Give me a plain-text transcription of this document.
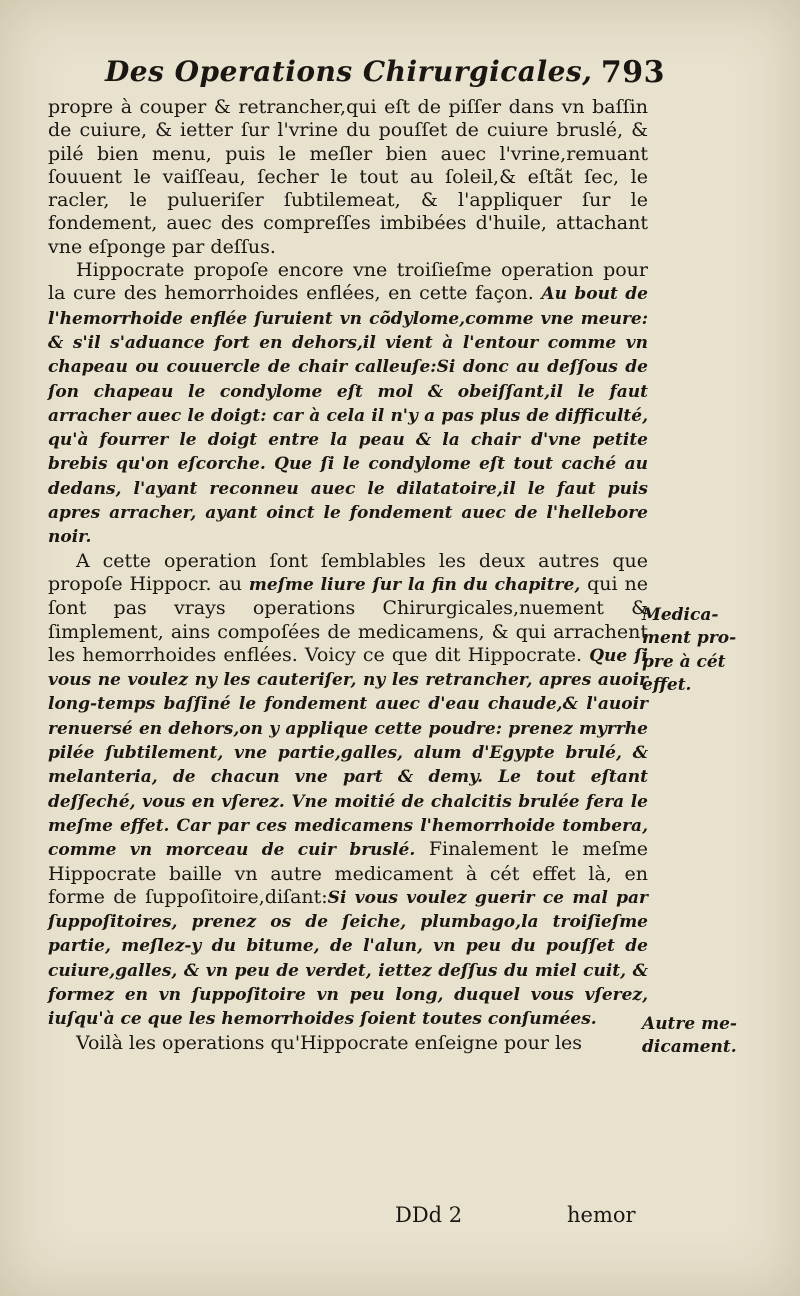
Des Operations Chirurgicales, 793

propre à couper & retrancher,qui eſt de piſſer dans vn baſſin de cuiure, & ietter ſur l'vrine du pouſſet de cuiure bruslé, & pilé bien menu, puis le meſler bien auec l'vrine,remuant ſouuent le vaiſſeau, ſecher le tout au ſoleil,& eſtãt ſec, le racler, le pulueriſer ſubtilemeat, & l'appliquer ſur le fondement, auec des compreſſes imbibées d'huile, attachant vne eſponge par deſſus.

Hippocrate propoſe encore vne troiſieſme operation pour la cure des hemorrhoides enflées, en cette façon. Au bout de l'hemorrhoide enflée ſuruient vn cõdylome,comme vne meure: & s'il s'aduance fort en dehors,il vient à l'entour comme vn chapeau ou couuercle de chair calleuſe:Si donc au deſſous de ſon chapeau le condylome eſt mol & obeiſſant,il le faut arracher auec le doigt: car à cela il n'y a pas plus de difficulté, qu'à fourrer le doigt entre la peau & la chair d'vne petite brebis qu'on eſcorche. Que ſi le condylome eſt tout caché au dedans, l'ayant reconneu auec le dilatatoire,il le faut puis apres arracher, ayant oinct le fondement auec de l'hellebore noir.

A cette operation ſont ſemblables les deux autres que propoſe Hippocr. au meſme liure ſur la fin du chapitre, qui ne ſont pas vrays operations Chirurgicales,nuement & ſimplement, ains compoſées de medicamens, & qui arrachent les hemorrhoides enflées. Voicy ce que dit Hippocrate. Que ſi vous ne voulez ny les cauteriſer, ny les retrancher, apres auoir long-temps baſſiné le fondement auec d'eau chaude,& l'auoir renuersé en dehors,on y applique cette poudre: prenez myrrhe pilée ſubtilement, vne partie,galles, alum d'Egypte brulé, & melanteria, de chacun vne part & demy. Le tout eſtant deſſeché, vous en vſerez. Vne moitié de chalcitis brulée fera le meſme effet. Car par ces medicamens l'hemorrhoide tombera, comme vn morceau de cuir bruslé. Finalement le meſme Hippocrate baille vn autre medicament à cét effet là, en forme de ſuppoſitoire,diſant:Si vous voulez guerir ce mal par ſuppoſitoires, prenez os de ſeiche, plumbago,la troiſieſme partie, meſlez-y du bitume, de l'alun, vn peu du pouſſet de cuiure,galles, & vn peu de verdet, iettez deſſus du miel cuit, & formez en vn ſuppoſitoire vn peu long, duquel vous vſerez, iuſqu'à ce que les hemorrhoides ſoient toutes conſumées.

Voilà les operations qu'Hippocrate enſeigne pour les

Medica-
ment pro-
pre à cét
effet.
Autre me-
dicament.
DDd 2	hemor
